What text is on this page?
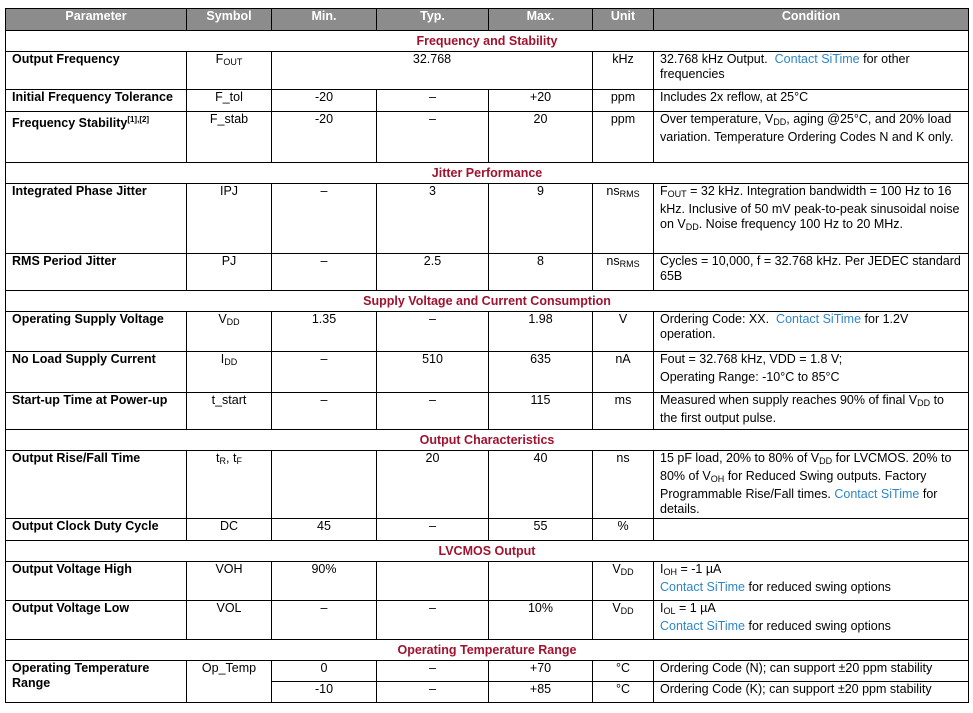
Parameter	Symbol	Min.	Typ.	Max.	Unit	Condition
Frequency and Stability						
Output Frequency	$F_{OUT}$	32.768			kHz	32.768 kHz Output. Contact SiTime for other frequencies
Initial Frequency Tolerance	F_tol	-20	–	+20	ppm	Includes 2x reflow, at 25°C
Frequency Stability[1],[2]	F_stab	-20	–	20	ppm	Over temperature, $V_{DD}$, aging @25°C, and 20% load variation. Temperature Ordering Codes N and K only.
Jitter Performance						
Integrated Phase Jitter	IPJ	–	3	9	$ns_{RMS}$	$F_{OUT} = 32$ kHz. Integration bandwidth = 100 Hz to 16 kHz. Inclusive of 50 mV peak-to-peak sinusoidal noise on $V_{DD}$. Noise frequency 100 Hz to 20 MHz.
RMS Period Jitter	PJ	–	2.5	8	$ns_{RMS}$	Cycles = 10,000, f = 32.768 kHz. Per JEDEC standard 65B
Supply Voltage and Current Consumption						
Operating Supply Voltage	$V_{DD}$	1.35	–	1.98	V	Ordering Code: XX. Contact SiTime for 1.2V operation.
No Load Supply Current	$I_{DD}$	–	510	635	nA	Fout = 32.768 kHz, VDD = 1.8 V;
Operating Range: -10°C to 85°C

Start-up Time at Power-up	t_start	–	–	115	ms	Measured when supply reaches 90% of final $V_{DD}$ to the first output pulse.
Output Characteristics						
Output Rise/Fall Time	$t_R$, $t_F$		20	40	ns	15 pF load, 20% to 80% of $V_{DD}$ for LVCMOS. 20% to 80% of $V_{OH}$ for Reduced Swing outputs. Factory Programmable Rise/Fall times. Contact SiTime for details.
Output Clock Duty Cycle	DC	45	–	55	%	
LVCMOS Output						
Output Voltage High	VOH	90%			$V_{DD}$	$I_{OH} = -1$ µA
Contact SiTime for reduced swing options

Output Voltage Low	VOL	–	–	10%	$V_{DD}$	$I_{OL} = 1$ µA
Contact SiTime for reduced swing options

Operating Temperature Range						
Operating Temperature Range	Op_Temp	0	–	+70	°C	Ordering Code (N); can support ±20 ppm stability
		-10	–	+85	°C	Ordering Code (K); can support ±20 ppm stability
